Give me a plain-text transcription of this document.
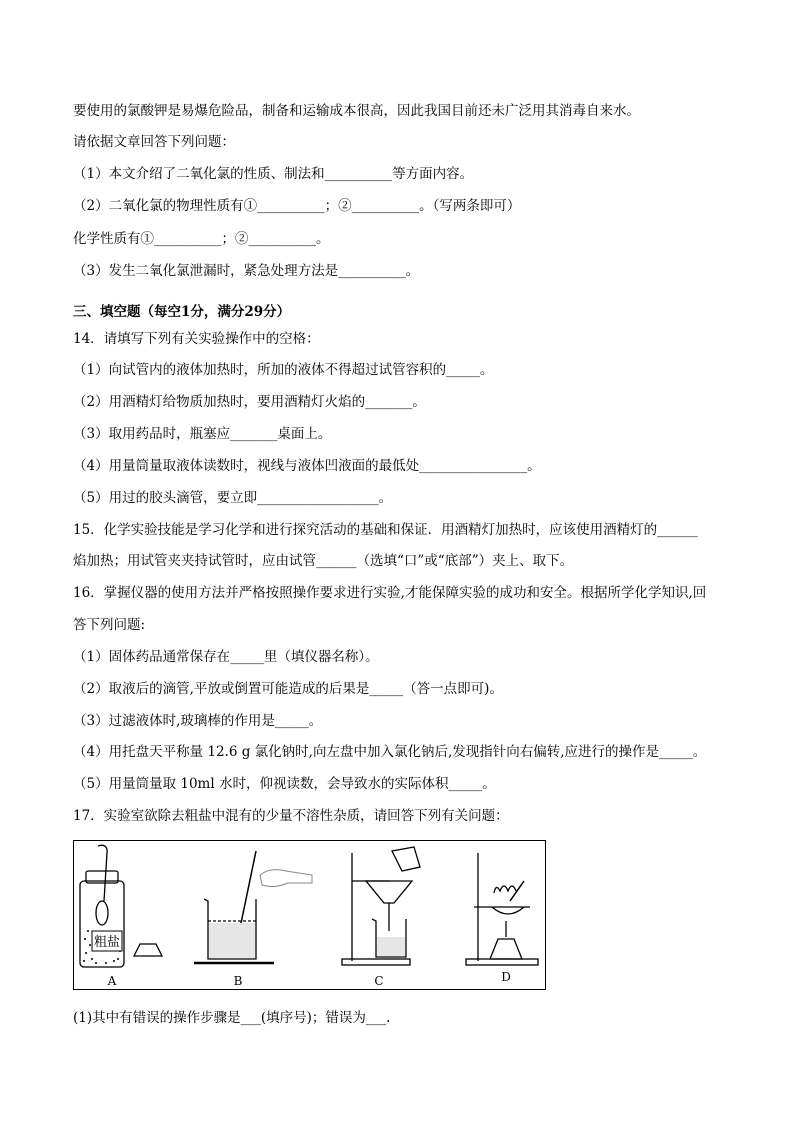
要使用的氯酸钾是易爆危险品，制备和运输成本很高，因此我国目前还未广泛用其消毒自来水。
请依据文章回答下列问题：
（1）本文介绍了二氧化氯的性质、制法和__________等方面内容。
（2）二氧化氯的物理性质有①__________；②__________。（写两条即可）
化学性质有①__________；②__________。
（3）发生二氧化氯泄漏时，紧急处理方法是__________。
三、填空题（每空1分，满分29分）
14．请填写下列有关实验操作中的空格：
（1）向试管内的液体加热时，所加的液体不得超过试管容积的_____。
（2）用酒精灯给物质加热时，要用酒精灯火焰的_______。
（3）取用药品时，瓶塞应_______桌面上。
（4）用量筒量取液体读数时，视线与液体凹液面的最低处________________。
（5）用过的胶头滴管，要立即__________________。
15．化学实验技能是学习化学和进行探究活动的基础和保证．用酒精灯加热时，应该使用酒精灯的______
焰加热；用试管夹夹持试管时，应由试管______（选填“口”或“底部”）夹上、取下。
16．掌握仪器的使用方法并严格按照操作要求进行实验,才能保障实验的成功和安全。根据所学化学知识,回
答下列问题:
（1）固体药品通常保存在_____里（填仪器名称）。
（2）取液后的滴管,平放或倒置可能造成的后果是_____（答一点即可)。
（3）过滤液体时,玻璃棒的作用是_____。
（4）用托盘天平称量 12.6 g 氯化钠时,向左盘中加入氯化钠后,发现指针向右偏转,应进行的操作是_____。
（5）用量筒量取 10ml 水时，仰视读数，会导致水的实际体积_____。
17．实验室欲除去粗盐中混有的少量不溶性杂质，请回答下列有关问题：
粗盐
A	B	C	D
(1)其中有错误的操作步骤是___(填序号)；错误为___.
